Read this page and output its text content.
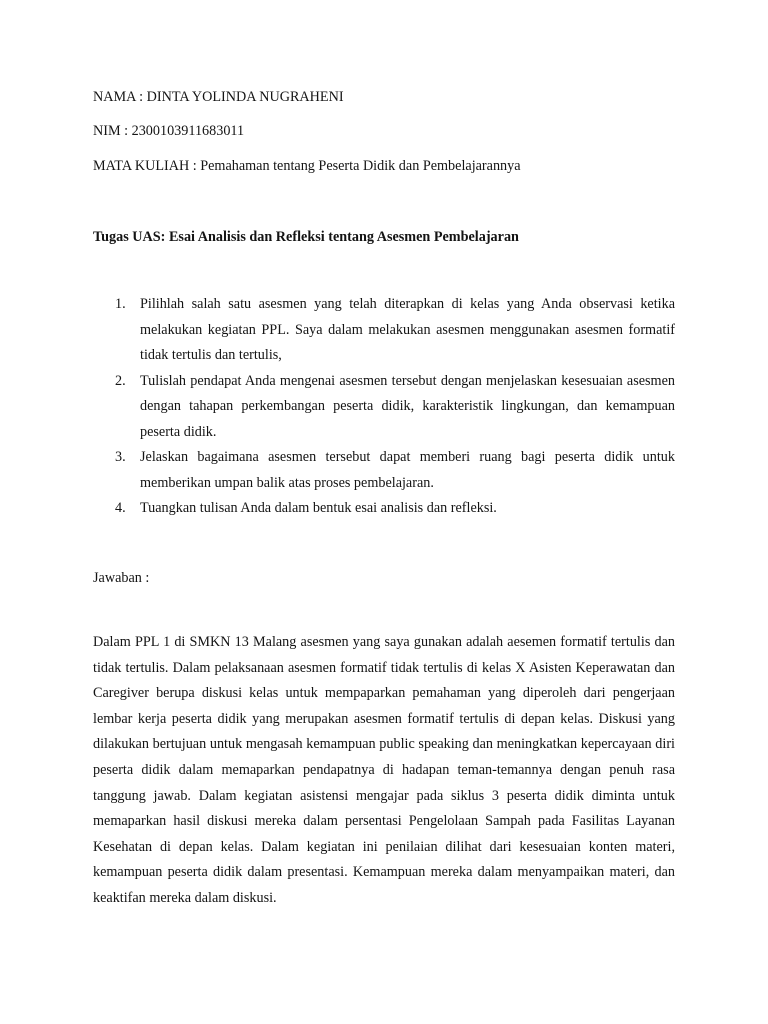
NAMA : DINTA YOLINDA NUGRAHENI
NIM : 2300103911683011
MATA KULIAH : Pemahaman tentang Peserta Didik dan Pembelajarannya
Tugas UAS: Esai Analisis dan Refleksi tentang Asesmen Pembelajaran
1. Pilihlah salah satu asesmen yang telah diterapkan di kelas yang Anda observasi ketika melakukan kegiatan PPL. Saya dalam melakukan asesmen menggunakan asesmen formatif tidak tertulis dan tertulis,
2. Tulislah pendapat Anda mengenai asesmen tersebut dengan menjelaskan kesesuaian asesmen dengan tahapan perkembangan peserta didik, karakteristik lingkungan, dan kemampuan peserta didik.
3. Jelaskan bagaimana asesmen tersebut dapat memberi ruang bagi peserta didik untuk memberikan umpan balik atas proses pembelajaran.
4. Tuangkan tulisan Anda dalam bentuk esai analisis dan refleksi.
Jawaban :

Dalam PPL 1 di SMKN 13 Malang asesmen yang saya gunakan adalah aesemen formatif tertulis dan tidak tertulis. Dalam pelaksanaan asesmen formatif tidak tertulis di kelas X Asisten Keperawatan dan Caregiver berupa diskusi kelas untuk mempaparkan pemahaman yang diperoleh dari pengerjaan lembar kerja peserta didik yang merupakan asesmen formatif tertulis di depan kelas. Diskusi yang dilakukan bertujuan untuk mengasah kemampuan public speaking dan meningkatkan kepercayaan diri peserta didik dalam memaparkan pendapatnya di hadapan teman-temannya dengan penuh rasa tanggung jawab. Dalam kegiatan asistensi mengajar pada siklus 3 peserta didik diminta untuk memaparkan hasil diskusi mereka dalam persentasi Pengelolaan Sampah pada Fasilitas Layanan Kesehatan di depan kelas. Dalam kegiatan ini penilaian dilihat dari kesesuaian konten materi, kemampuan peserta didik dalam presentasi. Kemampuan mereka dalam menyampaikan materi, dan keaktifan mereka dalam diskusi.
